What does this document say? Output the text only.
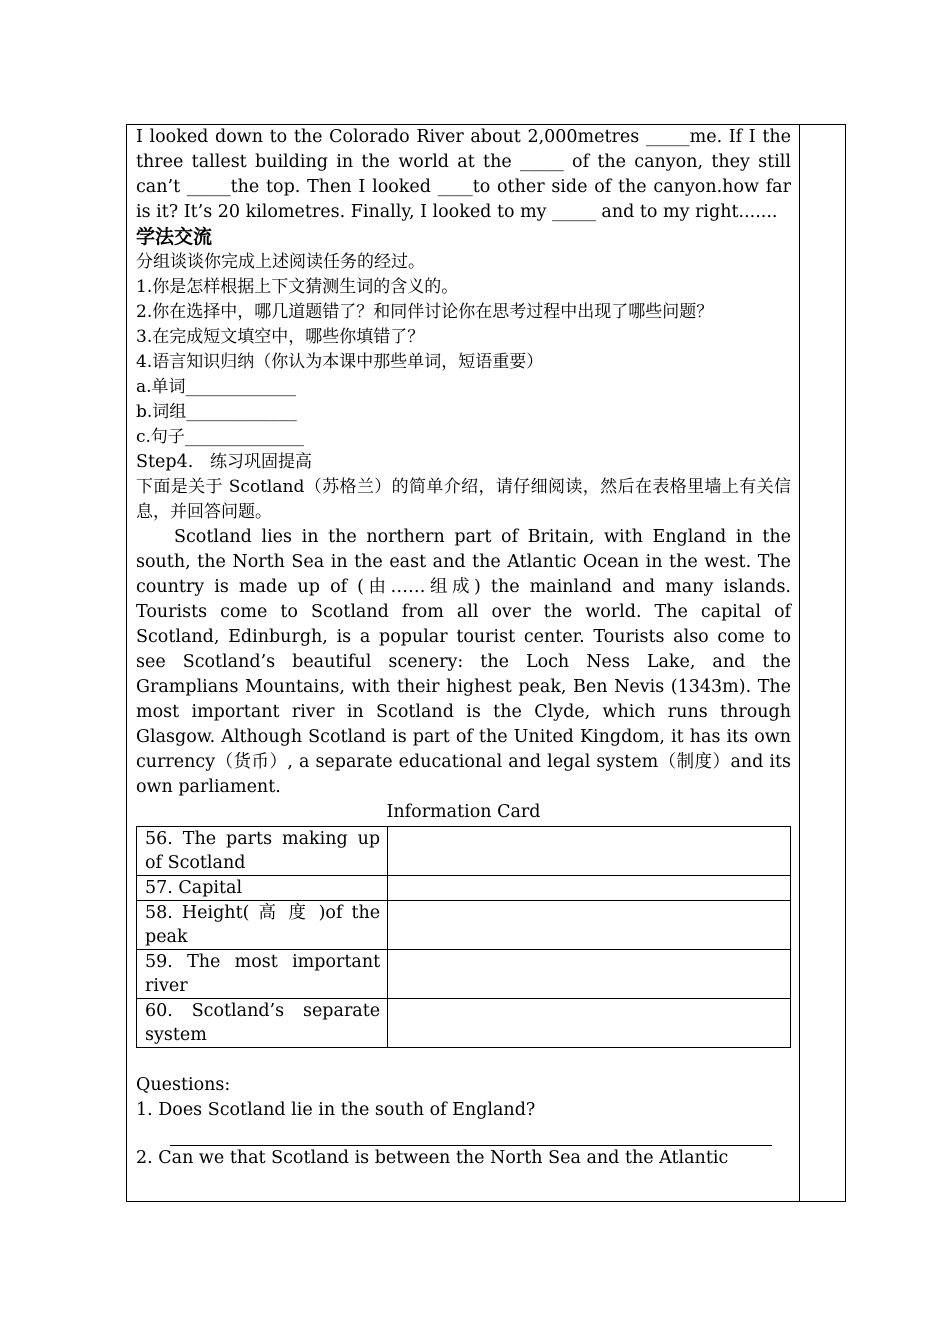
I looked down to the Colorado River about 2,000metres _____me. If I the three tallest building in the world at the _____ of the canyon, they still can’t _____the top. Then I looked ____to other side of the canyon.how far is it? It’s 20 kilometres. Finally, I looked to my _____ and to my right.......

学法交流

分组谈谈你完成上述阅读任务的经过。

1.你是怎样根据上下文猜测生词的含义的。

2.你在选择中，哪几道题错了？和同伴讨论你在思考过程中出现了哪些问题？

3.在完成短文填空中，哪些你填错了？

4.语言知识归纳（你认为本课中那些单词，短语重要）

a.单词_____________

b.词组_____________

c.句子______________

Step4. 练习巩固提高

下面是关于 Scotland（苏格兰）的简单介绍，请仔细阅读，然后在表格里墙上有关信息，并回答问题。

Scotland lies in the northern part of Britain, with England in the south, the North Sea in the east and the Atlantic Ocean in the west. The country is made up of (由……组成) the mainland and many islands. Tourists come to Scotland from all over the world. The capital of Scotland, Edinburgh, is a popular tourist center. Tourists also come to see Scotland’s beautiful scenery: the Loch Ness Lake, and the Gramplians Mountains, with their highest peak, Ben Nevis (1343m). The most important river in Scotland is the Clyde, which runs through Glasgow. Although Scotland is part of the United Kingdom, it has its own currency（货币）, a separate educational and legal system（制度）and its own parliament.

Information Card

56. The parts making up of Scotland	
57. Capital	
58. Height( 高 度 )of the peak	
59. The most important river	
60. Scotland’s separate system	

Questions:

1. Does Scotland lie in the south of England?

2. Can we that Scotland is between the North Sea and the Atlantic
